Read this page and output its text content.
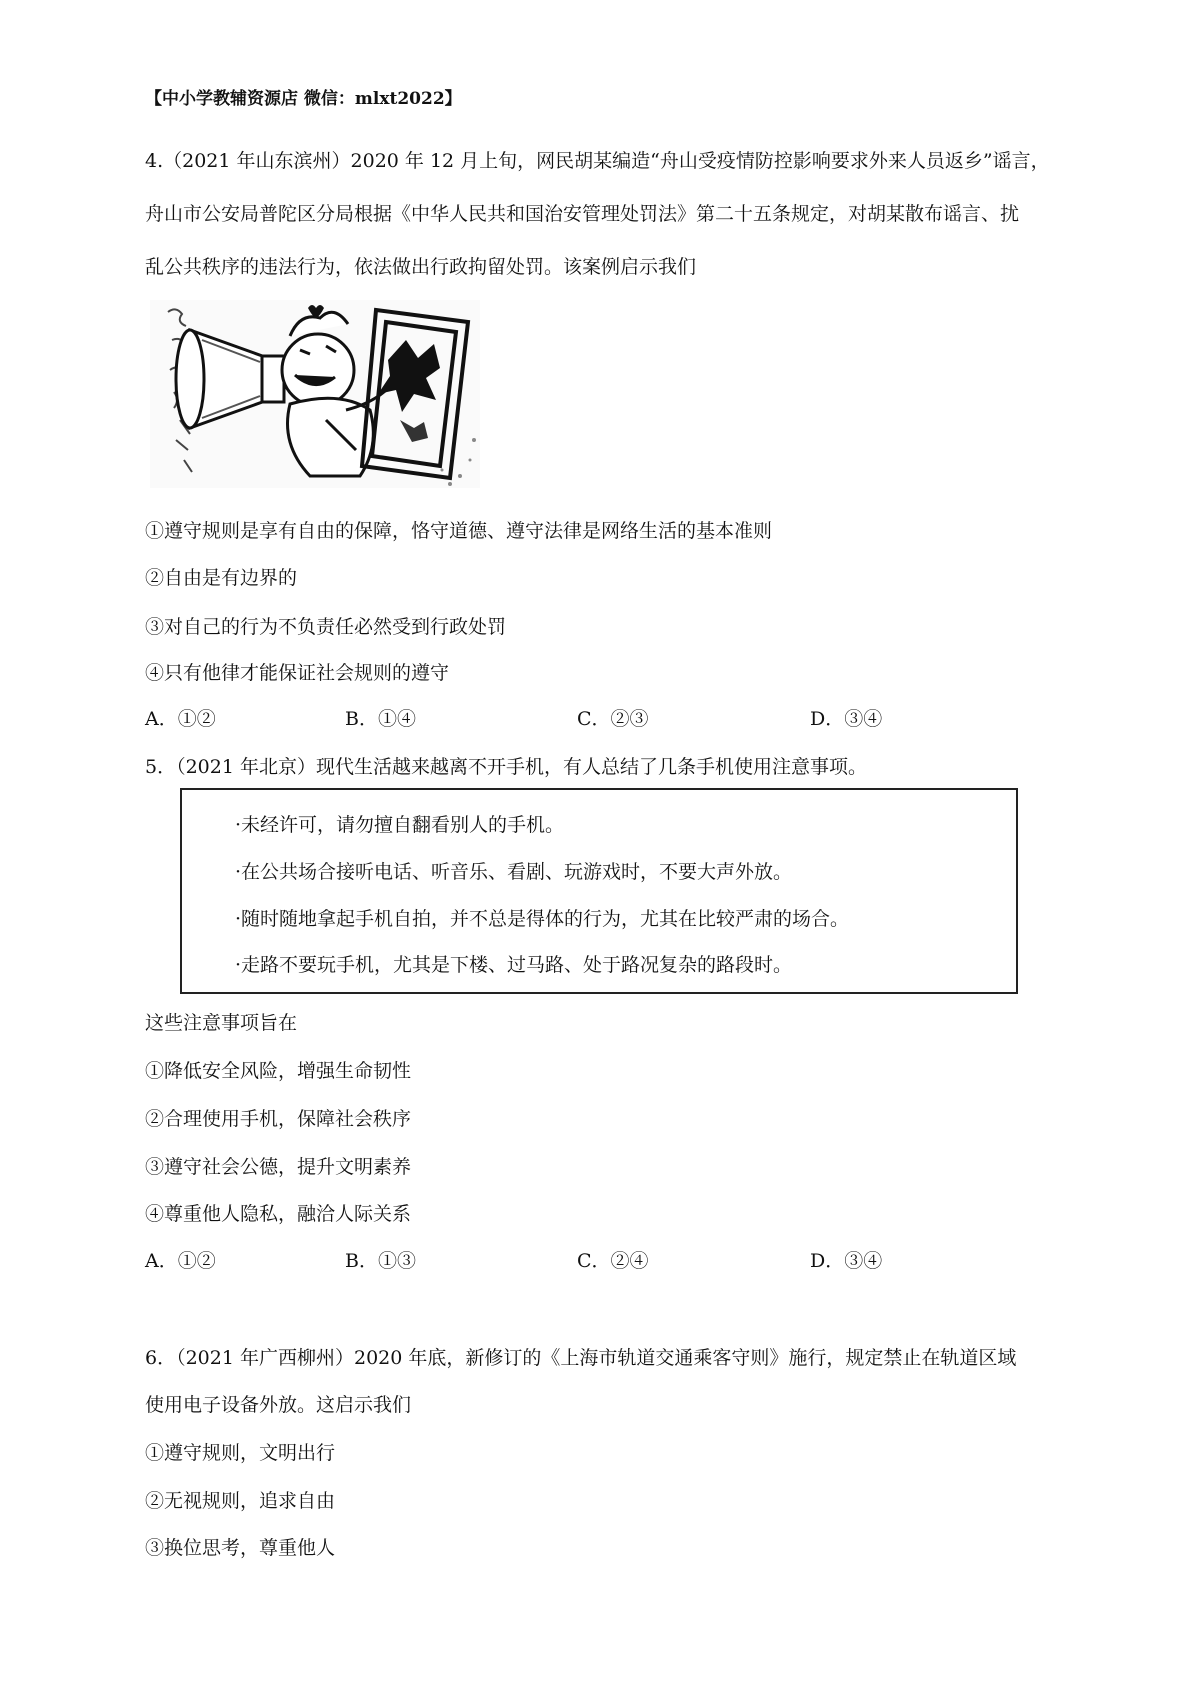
【中小学教辅资源店 微信：mlxt2022】
4.（2021 年山东滨州）2020 年 12 月上旬，网民胡某编造“舟山受疫情防控影响要求外来人员返乡”谣言，
舟山市公安局普陀区分局根据《中华人民共和国治安管理处罚法》第二十五条规定，对胡某散布谣言、扰
乱公共秩序的违法行为，依法做出行政拘留处罚。该案例启示我们
①遵守规则是享有自由的保障，恪守道德、遵守法律是网络生活的基本准则
②自由是有边界的
③对自己的行为不负责任必然受到行政处罚
④只有他律才能保证社会规则的遵守
A．①②	B．①④	C．②③	D．③④
5．（2021 年北京）现代生活越来越离不开手机，有人总结了几条手机使用注意事项。
·未经许可，请勿擅自翻看别人的手机。
·在公共场合接听电话、听音乐、看剧、玩游戏时，不要大声外放。
·随时随地拿起手机自拍，并不总是得体的行为，尤其在比较严肃的场合。
·走路不要玩手机，尤其是下楼、过马路、处于路况复杂的路段时。
这些注意事项旨在
①降低安全风险，增强生命韧性
②合理使用手机，保障社会秩序
③遵守社会公德，提升文明素养
④尊重他人隐私，融洽人际关系
A．①②	B．①③	C．②④	D．③④
6．（2021 年广西柳州）2020 年底，新修订的《上海市轨道交通乘客守则》施行，规定禁止在轨道区域
使用电子设备外放。这启示我们
①遵守规则，文明出行
②无视规则，追求自由
③换位思考，尊重他人
